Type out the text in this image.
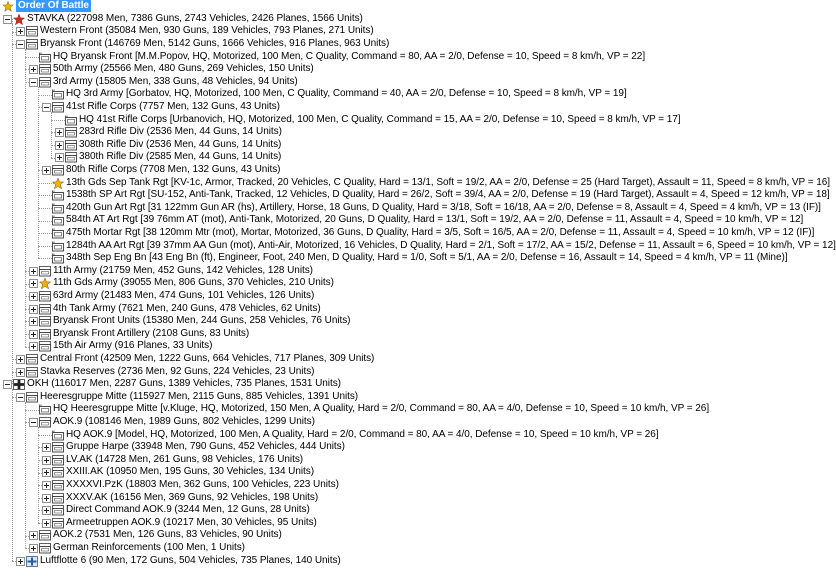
Order Of Battle
STAVKA (227098 Men, 7386 Guns, 2743 Vehicles, 2426 Planes, 1566 Units)
Western Front (35084 Men, 930 Guns, 189 Vehicles, 793 Planes, 271 Units)
Bryansk Front (146769 Men, 5142 Guns, 1666 Vehicles, 916 Planes, 963 Units)
HQ Bryansk Front [M.M.Popov, HQ, Motorized, 100 Men, C Quality, Command = 80, AA = 2/0, Defense = 10, Speed = 8 km/h, VP = 22]
50th Army (25566 Men, 480 Guns, 269 Vehicles, 150 Units)
3rd Army (15805 Men, 338 Guns, 48 Vehicles, 94 Units)
HQ 3rd Army [Gorbatov, HQ, Motorized, 100 Men, C Quality, Command = 40, AA = 2/0, Defense = 10, Speed = 8 km/h, VP = 19]
41st Rifle Corps (7757 Men, 132 Guns, 43 Units)
HQ 41st Rifle Corps [Urbanovich, HQ, Motorized, 100 Men, C Quality, Command = 15, AA = 2/0, Defense = 10, Speed = 8 km/h, VP = 17]
283rd Rifle Div (2536 Men, 44 Guns, 14 Units)
308th Rifle Div (2536 Men, 44 Guns, 14 Units)
380th Rifle Div (2585 Men, 44 Guns, 14 Units)
80th Rifle Corps (7708 Men, 132 Guns, 43 Units)
13th Gds Sep Tank Rgt [KV-1c, Armor, Tracked, 20 Vehicles, C Quality, Hard = 13/1, Soft = 19/2, AA = 2/0, Defense = 25 (Hard Target), Assault = 11, Speed = 8 km/h, VP = 16]
1538th SP Art Rgt [SU-152, Anti-Tank, Tracked, 12 Vehicles, D Quality, Hard = 26/2, Soft = 39/4, AA = 2/0, Defense = 19 (Hard Target), Assault = 4, Speed = 12 km/h, VP = 18]
420th Gun Art Rgt [31 122mm Gun AR (hs), Artillery, Horse, 18 Guns, D Quality, Hard = 3/18, Soft = 16/18, AA = 2/0, Defense = 8, Assault = 4, Speed = 4 km/h, VP = 13 (IF)]
584th AT Art Rgt [39 76mm AT (mot), Anti-Tank, Motorized, 20 Guns, D Quality, Hard = 13/1, Soft = 19/2, AA = 2/0, Defense = 11, Assault = 4, Speed = 10 km/h, VP = 12]
475th Mortar Rgt [38 120mm Mtr (mot), Mortar, Motorized, 36 Guns, D Quality, Hard = 3/5, Soft = 16/5, AA = 2/0, Defense = 11, Assault = 4, Speed = 10 km/h, VP = 12 (IF)]
1284th AA Art Rgt [39 37mm AA Gun (mot), Anti-Air, Motorized, 16 Vehicles, D Quality, Hard = 2/1, Soft = 17/2, AA = 15/2, Defense = 11, Assault = 6, Speed = 10 km/h, VP = 12]
348th Sep Eng Bn [43 Eng Bn (ft), Engineer, Foot, 240 Men, D Quality, Hard = 1/0, Soft = 5/1, AA = 2/0, Defense = 16, Assault = 14, Speed = 4 km/h, VP = 11 (Mine)]
11th Army (21759 Men, 452 Guns, 142 Vehicles, 128 Units)
11th Gds Army (39055 Men, 806 Guns, 370 Vehicles, 210 Units)
63rd Army (21483 Men, 474 Guns, 101 Vehicles, 126 Units)
4th Tank Army (7621 Men, 240 Guns, 478 Vehicles, 62 Units)
Bryansk Front Units (15380 Men, 244 Guns, 258 Vehicles, 76 Units)
Bryansk Front Artillery (2108 Guns, 83 Units)
15th Air Army (916 Planes, 33 Units)
Central Front (42509 Men, 1222 Guns, 664 Vehicles, 717 Planes, 309 Units)
Stavka Reserves (2736 Men, 92 Guns, 224 Vehicles, 23 Units)
OKH (116017 Men, 2287 Guns, 1389 Vehicles, 735 Planes, 1531 Units)
Heeresgruppe Mitte (115927 Men, 2115 Guns, 885 Vehicles, 1391 Units)
HQ Heeresgruppe Mitte [v.Kluge, HQ, Motorized, 150 Men, A Quality, Hard = 2/0, Command = 80, AA = 4/0, Defense = 10, Speed = 10 km/h, VP = 26]
AOK.9 (108146 Men, 1989 Guns, 802 Vehicles, 1299 Units)
HQ AOK.9 [Model, HQ, Motorized, 100 Men, A Quality, Hard = 2/0, Command = 80, AA = 4/0, Defense = 10, Speed = 10 km/h, VP = 26]
Gruppe Harpe (33948 Men, 790 Guns, 452 Vehicles, 444 Units)
LV.AK (14728 Men, 261 Guns, 98 Vehicles, 176 Units)
XXIII.AK (10950 Men, 195 Guns, 30 Vehicles, 134 Units)
XXXXVI.PzK (18803 Men, 362 Guns, 100 Vehicles, 223 Units)
XXXV.AK (16156 Men, 369 Guns, 92 Vehicles, 198 Units)
Direct Command AOK.9 (3244 Men, 12 Guns, 28 Units)
Armeetruppen AOK.9 (10217 Men, 30 Vehicles, 95 Units)
AOK.2 (7531 Men, 126 Guns, 83 Vehicles, 90 Units)
German Reinforcements (100 Men, 1 Units)
Luftflotte 6 (90 Men, 172 Guns, 504 Vehicles, 735 Planes, 140 Units)
